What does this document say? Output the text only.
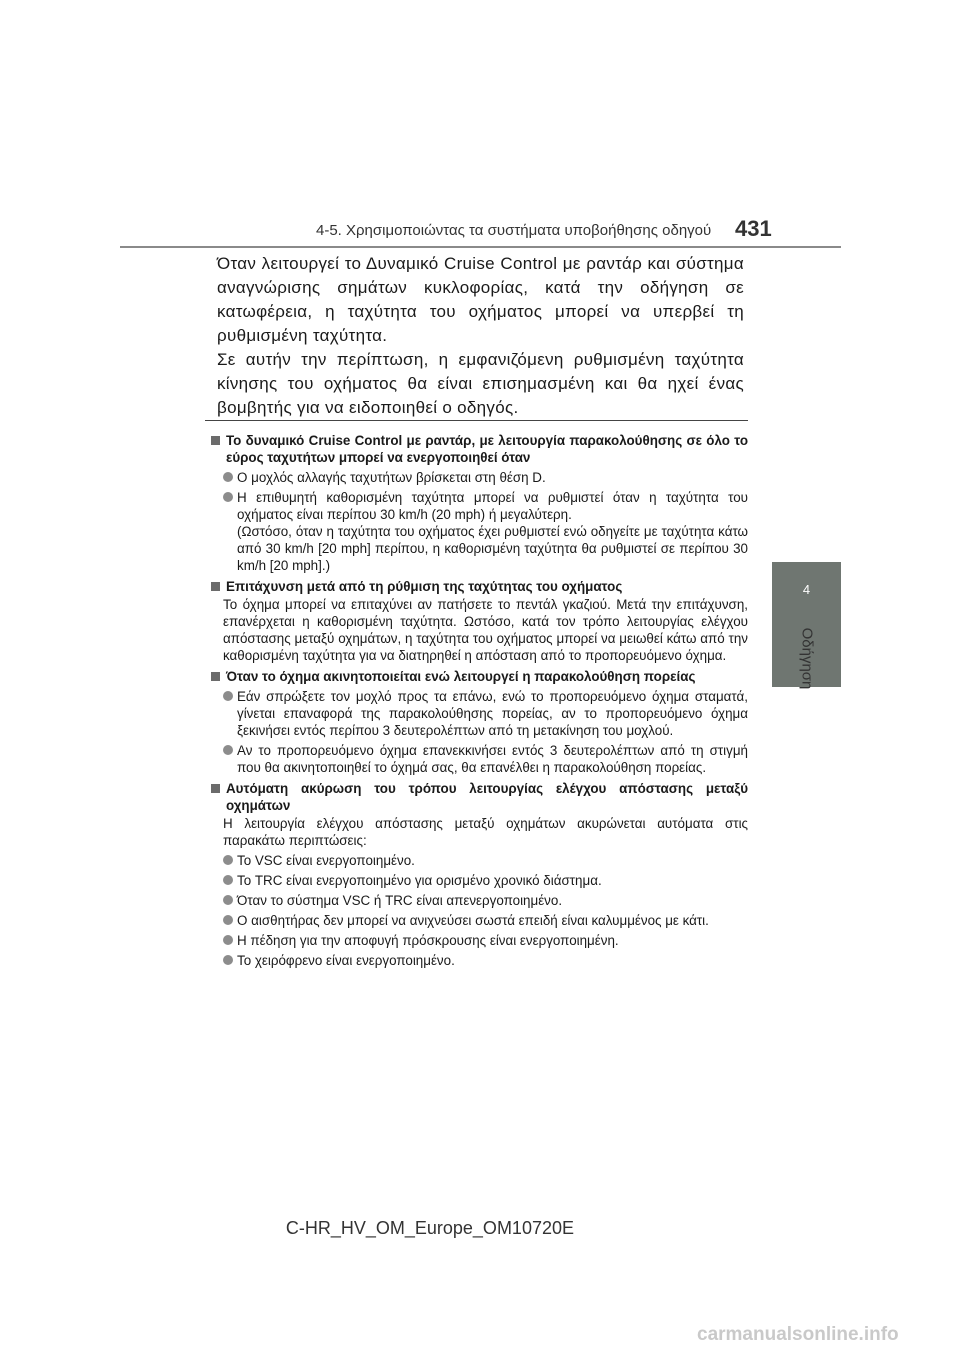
4-5. Χρησιμοποιώντας τα συστήματα υποβοήθησης οδηγού 431
4
Οδήγηση

Όταν λειτουργεί το Δυναμικό Cruise Control με ραντάρ και σύστημα αναγνώρισης σημάτων κυκλοφορίας, κατά την οδήγηση σε κατωφέρεια, η ταχύτητα του οχήματος μπορεί να υπερβεί τη ρυθμισμένη ταχύτητα.

Σε αυτήν την περίπτωση, η εμφανιζόμενη ρυθμισμένη ταχύτητα κίνησης του οχήματος θα είναι επισημασμένη και θα ηχεί ένας βομβητής για να ειδοποιηθεί ο οδηγός.

Το δυναμικό Cruise Control με ραντάρ, με λειτουργία παρακολούθησης σε όλο το εύρος ταχυτήτων μπορεί να ενεργοποιηθεί όταν
Ο μοχλός αλλαγής ταχυτήτων βρίσκεται στη θέση D.
Η επιθυμητή καθορισμένη ταχύτητα μπορεί να ρυθμιστεί όταν η ταχύτητα του οχήματος είναι περίπου 30 km/h (20 mph) ή μεγαλύτερη.
(Ωστόσο, όταν η ταχύτητα του οχήματος έχει ρυθμιστεί ενώ οδηγείτε με ταχύτητα κάτω από 30 km/h [20 mph] περίπου, η καθορισμένη ταχύτητα θα ρυθμιστεί σε περίπου 30 km/h [20 mph].)
Επιτάχυνση μετά από τη ρύθμιση της ταχύτητας του οχήματος
Το όχημα μπορεί να επιταχύνει αν πατήσετε το πεντάλ γκαζιού. Μετά την επιτάχυνση, επανέρχεται η καθορισμένη ταχύτητα. Ωστόσο, κατά τον τρόπο λειτουργίας ελέγχου απόστασης μεταξύ οχημάτων, η ταχύτητα του οχήματος μπορεί να μειωθεί κάτω από την καθορισμένη ταχύτητα για να διατηρηθεί η απόσταση από το προπορευόμενο όχημα.
Όταν το όχημα ακινητοποιείται ενώ λειτουργεί η παρακολούθηση πορείας
Εάν σπρώξετε τον μοχλό προς τα επάνω, ενώ το προπορευόμενο όχημα σταματά, γίνεται επαναφορά της παρακολούθησης πορείας, αν το προπορευόμενο όχημα ξεκινήσει εντός περίπου 3 δευτερολέπτων από τη μετακίνηση του μοχλού.
Αν το προπορευόμενο όχημα επανεκκινήσει εντός 3 δευτερολέπτων από τη στιγμή που θα ακινητοποιηθεί το όχημά σας, θα επανέλθει η παρακολούθηση πορείας.
Αυτόματη ακύρωση του τρόπου λειτουργίας ελέγχου απόστασης μεταξύ οχημάτων
Η λειτουργία ελέγχου απόστασης μεταξύ οχημάτων ακυρώνεται αυτόματα στις παρακάτω περιπτώσεις:
Το VSC είναι ενεργοποιημένο.
Το TRC είναι ενεργοποιημένο για ορισμένο χρονικό διάστημα.
Όταν το σύστημα VSC ή TRC είναι απενεργοποιημένο.
Ο αισθητήρας δεν μπορεί να ανιχνεύσει σωστά επειδή είναι καλυμμένος με κάτι.
Η πέδηση για την αποφυγή πρόσκρουσης είναι ενεργοποιημένη.
Το χειρόφρενο είναι ενεργοποιημένο.
C-HR_HV_OM_Europe_OM10720E
carmanualsonline.info
